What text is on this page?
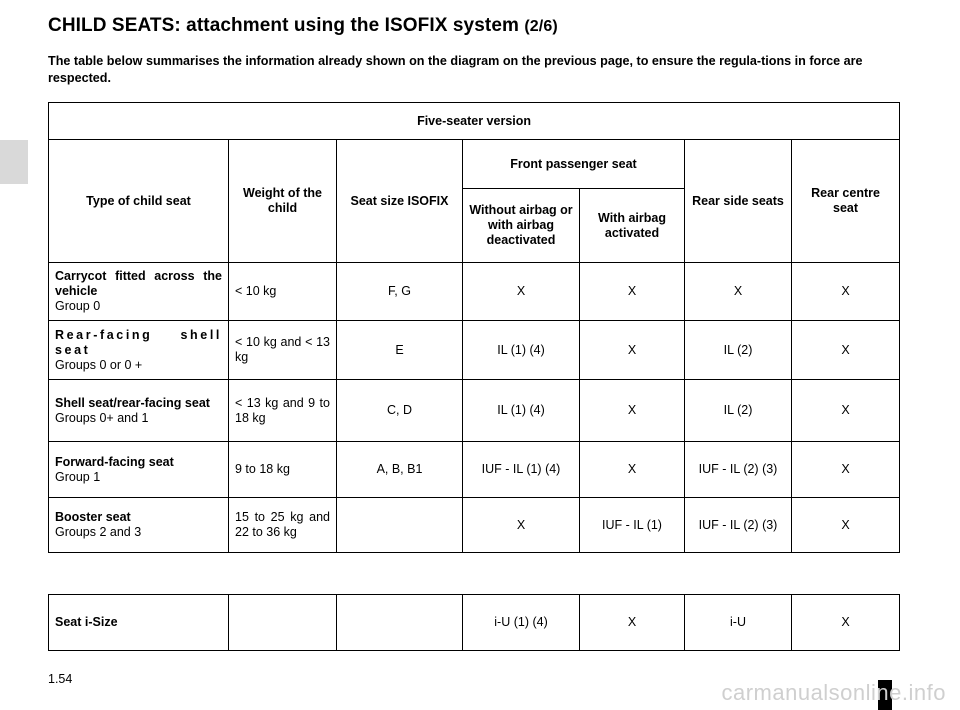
CHILD SEATS: attachment using the ISOFIX system (2/6)

The table below summarises the information already shown on the diagram on the previous page, to ensure the regula-tions in force are respected.

Five-seater version						
Type of child seat	Weight of the child	Seat size ISOFIX	Front passenger seat		Rear side seats	Rear centre seat
			Without airbag or with airbag deactivated	With airbag activated		

Carrycot fitted across the vehicle
Group 0	< 10 kg	F, G	X	X	X	X

Rear-facing shell seat
Groups 0 or 0 +	< 10 kg and < 13 kg	E	IL (1) (4)	X	IL (2)	X

Shell seat/rear-facing seat
Groups 0+ and 1	< 13 kg and 9 to 18 kg	C, D	IL (1) (4)	X	IL (2)	X

Forward-facing seat
Group 1	9 to 18 kg	A, B, B1	IUF - IL (1) (4)	X	IUF - IL (2) (3)	X

Booster seat
Groups 2 and 3	15 to 25 kg and 22 to 36 kg		X	IUF - IL (1)	IUF - IL (2) (3)	X
Seat i-Size			i-U (1) (4)	X	i-U	X
1.54
carmanualsonline.info
